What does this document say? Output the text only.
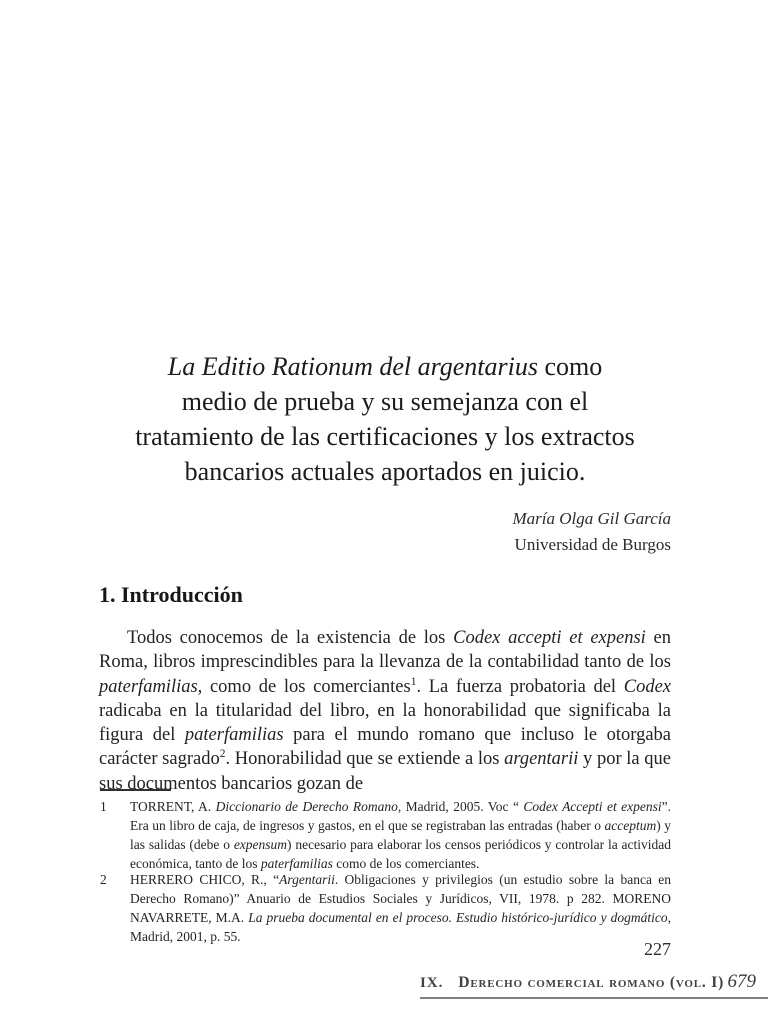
La Editio Rationum del argentarius como
medio de prueba y su semejanza con el
tratamiento de las certificaciones y los extractos
bancarios actuales aportados en juicio.
María Olga Gil García
Universidad de Burgos
1. Introducción

Todos conocemos de la existencia de los Codex accepti et expensi en Roma, libros imprescindibles para la llevanza de la contabilidad tanto de los paterfamilias, como de los comerciantes$^1$. La fuerza probatoria del Codex radicaba en la titularidad del libro, en la honorabilidad que significaba la figura del paterfamilias para el mundo romano que incluso le otorgaba carácter sagrado$^2$. Honorabilidad que se extiende a los argentarii y por la que sus documentos bancarios gozan de

1 TORRENT, A. Diccionario de Derecho Romano, Madrid, 2005. Voc “ Codex Accepti et expensi”. Era un libro de caja, de ingresos y gastos, en el que se registraban las entradas (haber o acceptum) y las salidas (debe o expensum) necesario para elaborar los censos periódicos y controlar la actividad económica, tanto de los paterfamilias como de los comerciantes.
2 HERRERO CHICO, R., “Argentarii. Obligaciones y privilegios (un estudio sobre la banca en Derecho Romano)” Anuario de Estudios Sociales y Jurídicos, VII, 1978. p 282. MORENO NAVARRETE, M.A. La prueba documental en el proceso. Estudio histórico-jurídico y dogmático, Madrid, 2001, p. 55.
227
IX. Derecho comercial romano (vol. I) 679
